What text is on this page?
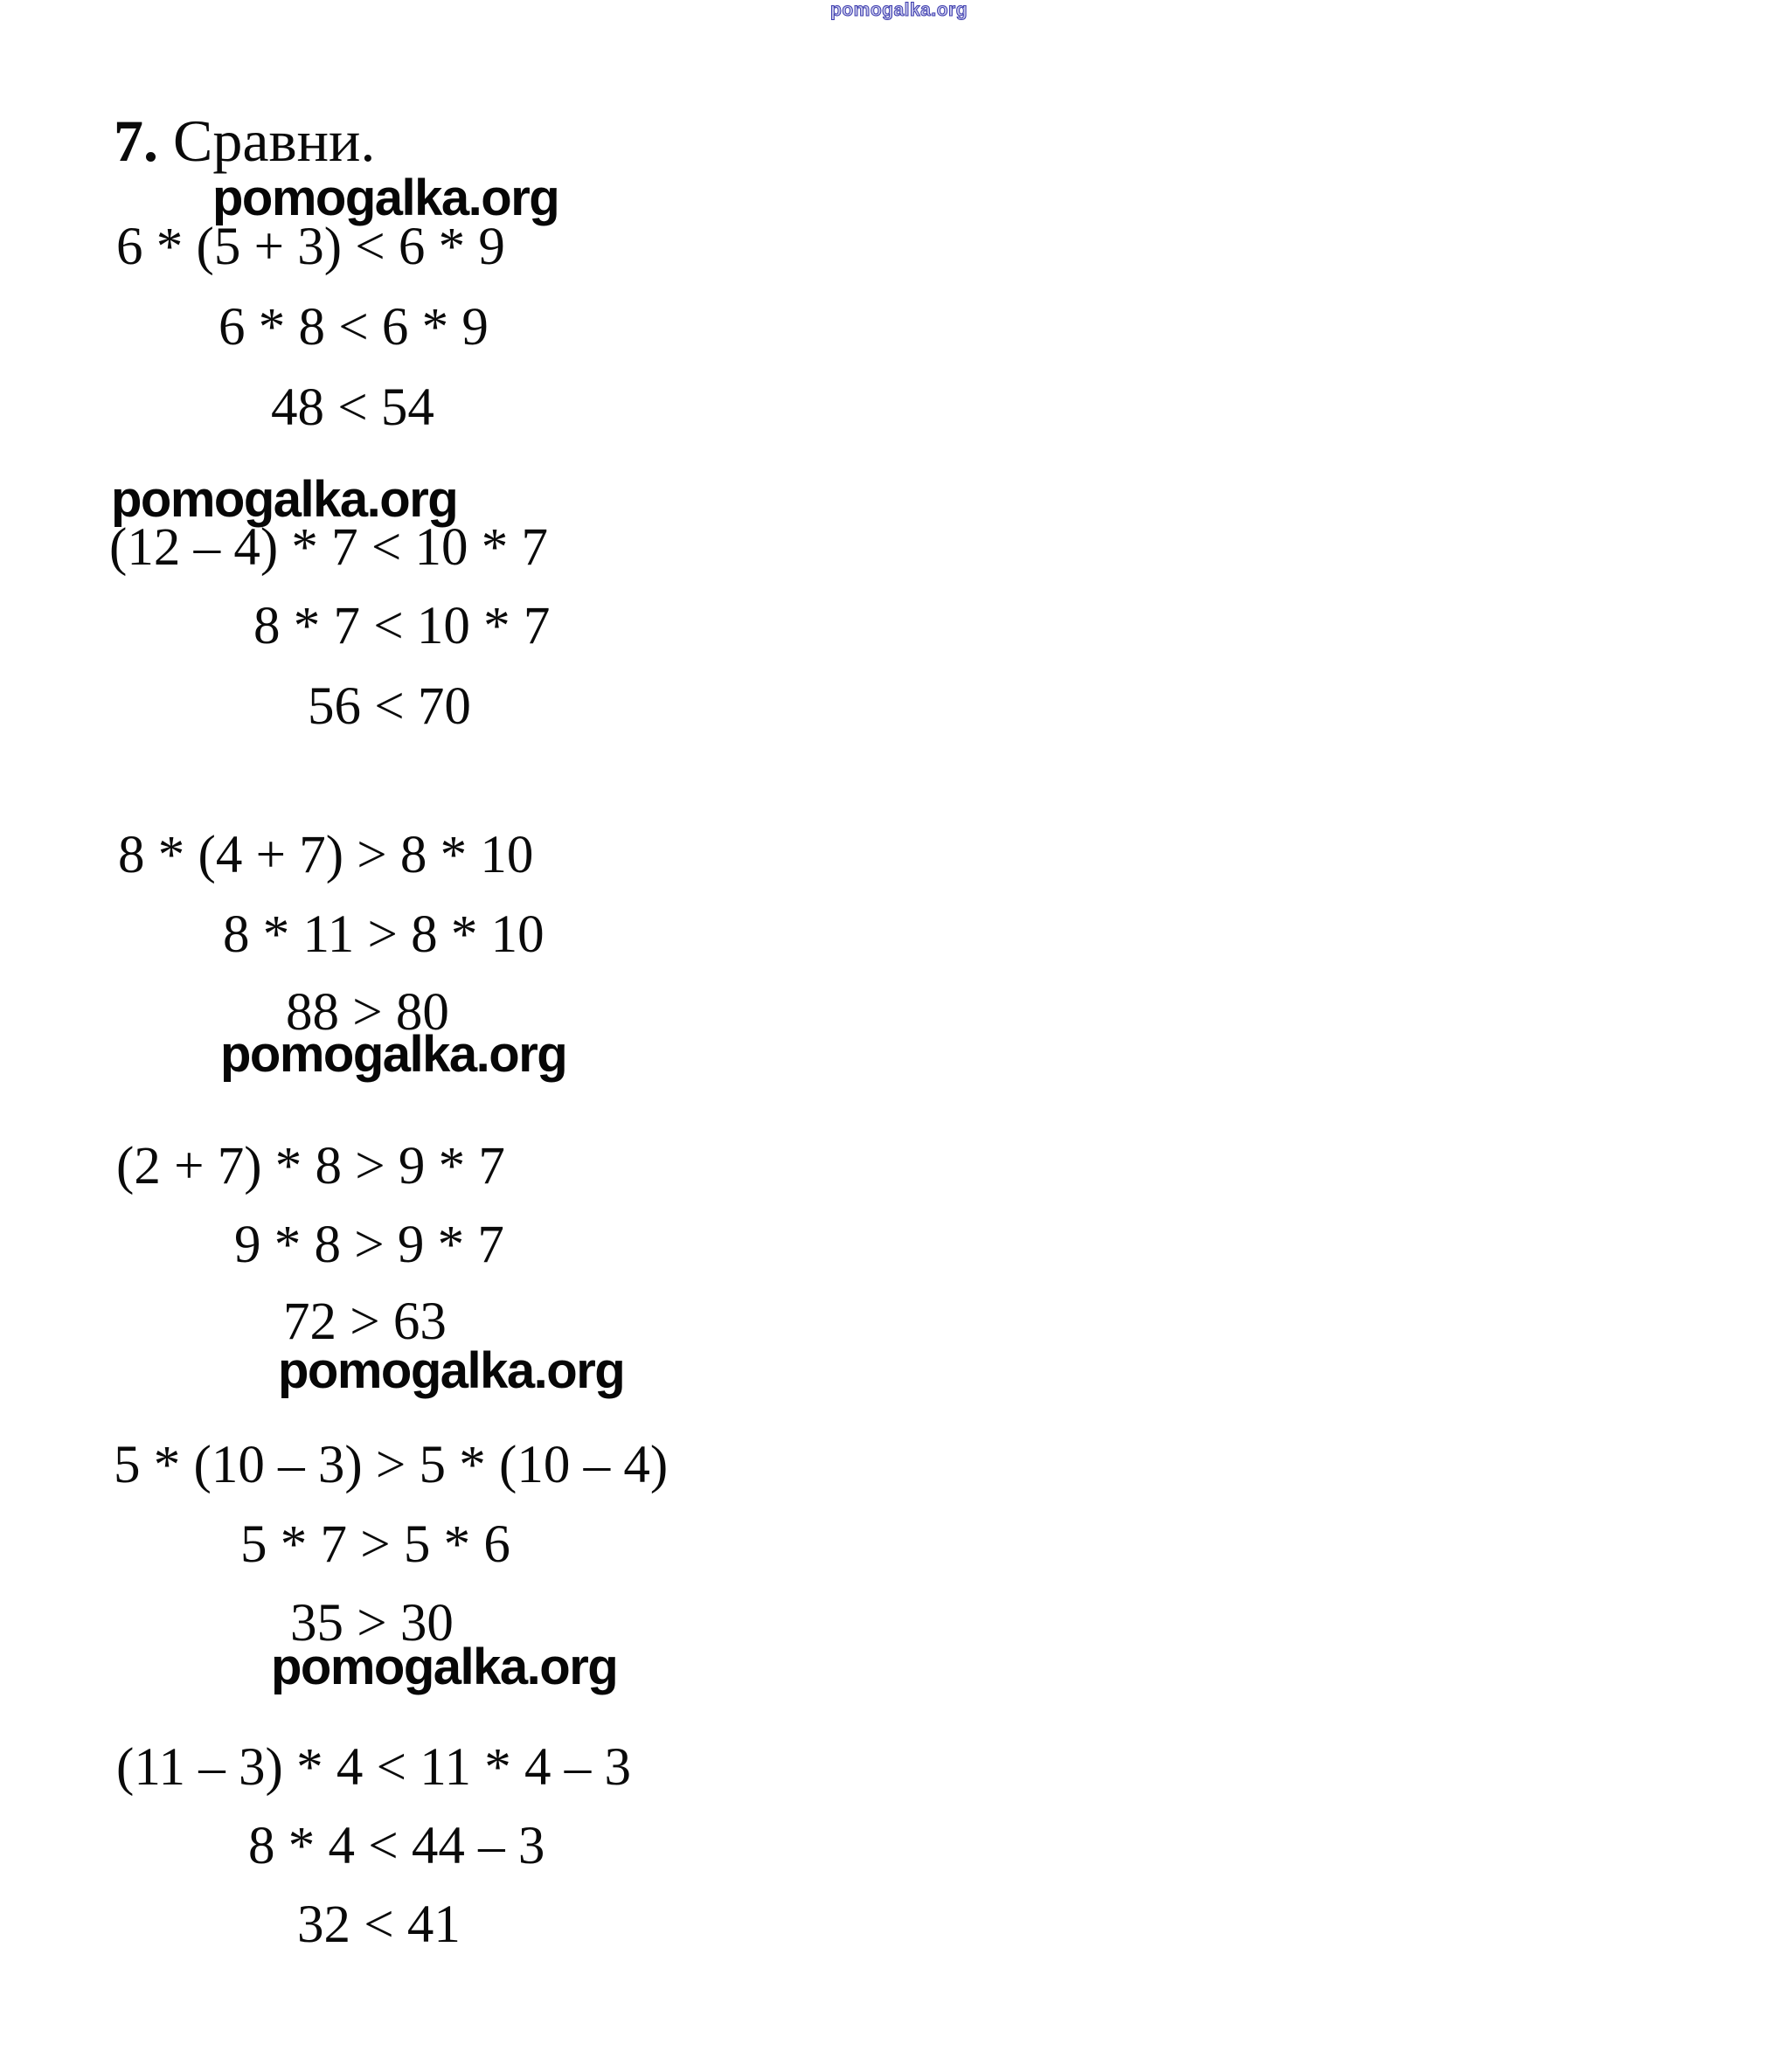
pomogalka.org
7. Сравни.
pomogalka.org
6 * (5 + 3) < 6 * 9
6 * 8 < 6 * 9
48 < 54
pomogalka.org
(12 – 4) * 7 < 10 * 7
8 * 7 < 10 * 7
56 < 70
8 * (4 + 7) > 8 * 10
8 * 11 > 8 * 10
88 > 80
pomogalka.org
(2 + 7) * 8 > 9 * 7
9 * 8 > 9 * 7
72 > 63
pomogalka.org
5 * (10 – 3) > 5 * (10 – 4)
5 * 7 > 5 * 6
35 > 30
pomogalka.org
(11 – 3) * 4 < 11 * 4 – 3
8 * 4 < 44 – 3
32 < 41
